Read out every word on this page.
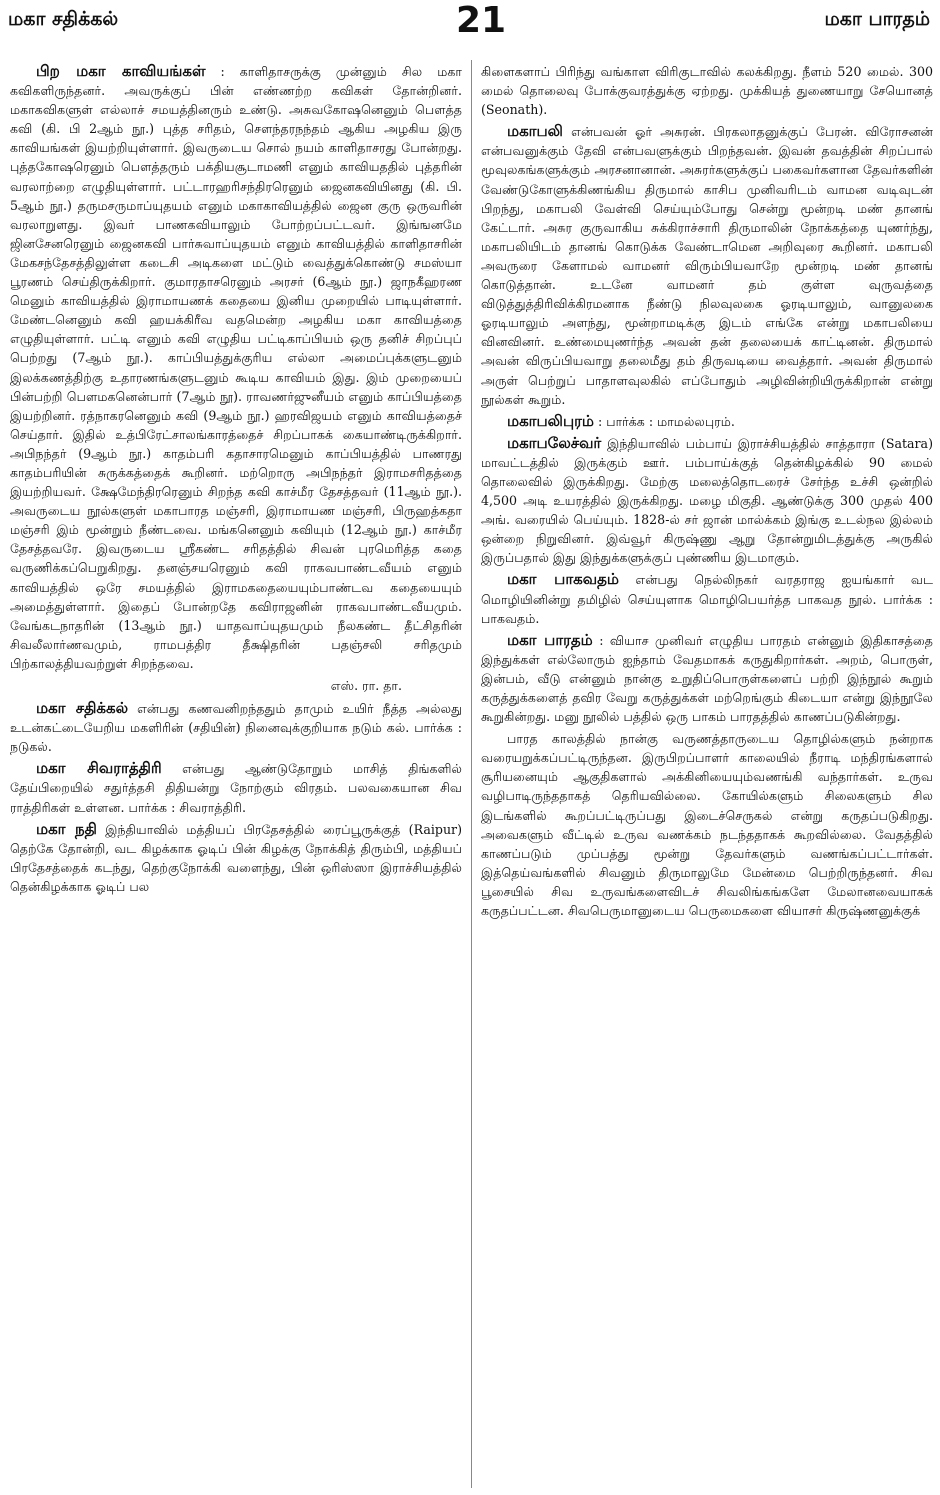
மகா சதிக்கல்	21	மகா பாரதம்

பிற மகா காவியங்கள் : காளிதாசருக்கு முன்னும் சில மகா கவிகளிருந்தனர். அவருக்குப் பின் எண்ணற்ற கவிகள் தோன்றினர். மகாகவிகளுள் எல்லாச் சமயத்தினரும் உண்டு. அசுவகோஷனெனும் பௌத்த கவி (கி. பி 2ஆம் நூ.) புத்த சரிதம், சௌந்தரநந்தம் ஆகிய அழகிய இரு காவியங்கள் இயற்றியுள்ளார். இவருடைய சொல் நயம் காளிதாசரது போன்றது. புத்தகோஷரெனும் பௌத்தரும் பக்தியசூடாமணி எனும் காவியததில் புத்தரின் வரலாற்றை எழுதியுள்ளார். பட்டாரஹரிசந்திரரெனும் ஜைனகவியினது (கி. பி. 5ஆம் நூ.) தருமசருமாப்யுதயம் எனும் மகாகாவியத்தில் ஜைன குரு ஒருவரின் வரலாறுளது. இவர் பாணகவியாலும் போற்றப்பட்டவர். இங்ஙனமே ஜினசேனரெனும் ஜைனகவி பார்சுவாப்யுதயம் எனும் காவியத்தில் காளிதாசரின் மேகசந்தேசத்திலுள்ள கடைசி அடிகளை மட்டும் வைத்துக்கொண்டு சமஸ்யா பூரணம் செய்திருக்கிறார். குமாரதாசரெனும் அரசர் (6ஆம் நூ.) ஜாநகீஹரண மெனும் காவியத்தில் இராமாயணக் கதையை இனிய முறையில் பாடியுள்ளார். மேண்டனெனும் கவி ஹயக்கிரீவ வதமென்ற அழகிய மகா காவியத்தை எழுதியுள்ளார். பட்டி எனும் கவி எழுதிய பட்டிகாப்பியம் ஒரு தனிச் சிறப்புப் பெற்றது (7ஆம் நூ.). காப்பியத்துக்குரிய எல்லா அமைப்புக்களுடனும் இலக்கணத்திற்கு உதாரணங்களுடனும் கூடிய காவியம் இது. இம் முறையைப் பின்பற்றி பௌமகனென்பார் (7ஆம் நூ). ராவணர்ஜுனீயம் எனும் காப்பியத்தை இயற்றினர். ரத்நாகரனெனும் கவி (9ஆம் நூ.) ஹரவிஜயம் எனும் காவியத்தைச் செய்தார். இதில் உத்பிரேட்சாலங்காரத்தைச் சிறப்பாகக் கையாண்டிருக்கிறார். அபிநந்தர் (9ஆம் நூ.) காதம்பரி கதாசாரமெனும் காப்பியத்தில் பாணரது காதம்பரியின் சுருக்கத்தைக் கூறினர். மற்றொரு அபிநந்தர் இராமசரிதத்தை இயற்றியவர். க்ஷேமேந்திரரெனும் சிறந்த கவி காச்மீர தேசத்தவர் (11ஆம் நூ.). அவருடைய நூல்களுள் மகாபாரத மஞ்சரி, இராமாயண மஞ்சரி, பிருஹத்கதா மஞ்சரி இம் மூன்றும் நீண்டவை. மங்கனெனும் கவியும் (12ஆம் நூ.) காச்மீர தேசத்தவரே. இவருடைய ஸ்ரீகண்ட சரிதத்தில் சிவன் புரமெரித்த கதை வருணிக்கப்பெறுகிறது. தனஞ்சயரெனும் கவி ராகவபாண்டவீயம் எனும் காவியத்தில் ஒரே சமயத்தில் இராமகதையையும்பாண்டவ கதையையும் அமைத்துள்ளார். இதைப் போன்றதே கவிராஜனின் ராகவபாண்டவீயமும். வேங்கடநாதரின் (13ஆம் நூ.) யாதவாப்யுதயமும் நீலகண்ட தீட்சிதரின் சிவலீலார்ணவமும், ராமபத்திர தீக்ஷிதரின் பதஞ்சலி சரிதமும் பிற்காலத்தியவற்றுள் சிறந்தவை.

எஸ். ரா. தா.

மகா சதிக்கல் என்பது கணவனிறந்ததும் தாமும் உயிர் நீத்த அல்லது உடன்கட்டையேறிய மகளிரின் (சதியின்) நினைவுக்குறியாக நடும் கல். பார்க்க : நடுகல்.

மகா சிவராத்திரி என்பது ஆண்டுதோறும் மாசித் திங்களில் தேய்பிறையில் சதுர்த்தசி திதியன்று நோற்கும் விரதம். பலவகையான சிவ ராத்திரிகள் உள்ளன. பார்க்க : சிவராத்திரி.

மகா நதி இந்தியாவில் மத்தியப் பிரதேசத்தில் ரைப்பூருக்குத் (Raipur) தெற்கே தோன்றி, வட கிழக்காக ஓடிப் பின் கிழக்கு நோக்கித் திரும்பி, மத்தியப் பிரதேசத்தைக் கடந்து, தெற்குநோக்கி வளைந்து, பின் ஒரிஸ்ஸா இராச்சியத்தில் தென்கிழக்காக ஓடிப் பல

கிளைகளாப் பிரிந்து வங்காள விரிகுடாவில் கலக்கிறது. நீளம் 520 மைல். 300 மைல் தொலைவு போக்குவரத்துக்கு ஏற்றது. முக்கியத் துணையாறு சேயொனத் (Seonath).

மகாபலி என்பவன் ஓர் அசுரன். பிரகலாதனுக்குப் பேரன். விரோசனன் என்பவனுக்கும் தேவி என்பவளுக்கும் பிறந்தவன். இவன் தவத்தின் சிறப்பால் மூவுலகங்களுக்கும் அரசனானான். அசுரர்களுக்குப் பகைவர்களான தேவர்களின் வேண்டுகோளுக்கிணங்கிய திருமால் காசிப முனிவரிடம் வாமன வடிவுடன் பிறந்து, மகாபலி வேள்வி செய்யும்போது சென்று மூன்றடி மண் தானங் கேட்டார். அசுர குருவாகிய சுக்கிராச்சாரி திருமாலின் நோக்கத்தை யுணர்ந்து, மகாபலியிடம் தானங் கொடுக்க வேண்டாமென அறிவுரை கூறினர். மகாபலி அவருரை கேளாமல் வாமனர் விரும்பியவாறே மூன்றடி மண் தானங் கொடுத்தான். உடனே வாமனர் தம் குள்ள வுருவத்தை விடுத்துத்திரிவிக்கிரமனாக நீண்டு நிலவுலகை ஓரடியாலும், வானுலகை ஓரடியாலும் அளந்து, மூன்றாமடிக்கு இடம் எங்கே என்று மகாபலியை வினவினர். உண்மையுணர்ந்த அவன் தன் தலையைக் காட்டினன். திருமால் அவன் விருப்பியவாறு தலைமீது தம் திருவடியை வைத்தார். அவன் திருமால் அருள் பெற்றுப் பாதாளவுலகில் எப்போதும் அழிவின்றியிருக்கிறான் என்று நூல்கள் கூறும்.

மகாபலிபுரம் : பார்க்க : மாமல்லபுரம்.

மகாபலேச்வர் இந்தியாவில் பம்பாய் இராச்சியத்தில் சாத்தாரா (Satara) மாவட்டத்தில் இருக்கும் ஊர். பம்பாய்க்குத் தென்கிழக்கில் 90 மைல் தொலைவில் இருக்கிறது. மேற்கு மலைத்தொடரைச் சேர்ந்த உச்சி ஒன்றில் 4,500 அடி உயரத்தில் இருக்கிறது. மழை மிகுதி. ஆண்டுக்கு 300 முதல் 400 அங். வரையில் பெய்யும். 1828-ல் சர் ஜான் மால்க்கம் இங்கு உடல்நல இல்லம் ஒன்றை நிறுவினர். இவ்வூர் கிருஷ்ணு ஆறு தோன்றுமிடத்துக்கு அருகில் இருப்பதால் இது இந்துக்களுக்குப் புண்ணிய இடமாகும்.

மகா பாகவதம் என்பது நெல்லிநகர் வரதராஜ ஐயங்கார் வட மொழியினின்று தமிழில் செய்யுளாக மொழிபெயர்த்த பாகவத நூல். பார்க்க : பாகவதம்.

மகா பாரதம் : வியாச முனிவர் எழுதிய பாரதம் என்னும் இதிகாசத்தை இந்துக்கள் எல்லோரும் ஐந்தாம் வேதமாகக் கருதுகிறார்கள். அறம், பொருள், இன்பம், வீடு என்னும் நான்கு உறுதிப்பொருள்களைப் பற்றி இந்நூல் கூறும் கருத்துக்களைத் தவிர வேறு கருத்துக்கள் மற்றெங்கும் கிடையா என்று இந்நூலே கூறுகின்றது. மனு நூலில் பத்தில் ஒரு பாகம் பாரதத்தில் காணப்படுகின்றது.

பாரத காலத்தில் நான்கு வருணத்தாருடைய தொழில்களும் நன்றாக வரையறுக்கப்பட்டிருந்தன. இருபிறப்பாளர் காலையில் நீராடி மந்திரங்களால் சூரியனையும் ஆகுதிகளால் அக்கினியையும்வணங்கி வந்தார்கள். உருவ வழிபாடிருந்ததாகத் தெரியவில்லை. கோயில்களும் சிலைகளும் சில இடங்களில் கூறப்பட்டிருப்பது இடைச்செருகல் என்று கருதப்படுகிறது. அவைகளும் வீட்டில் உருவ வணக்கம் நடந்ததாகக் கூறவில்லை. வேதத்தில் காணப்படும் முப்பத்து மூன்று தேவர்களும் வணங்கப்பட்டார்கள். இத்தெய்வங்களில் சிவனும் திருமாலுமே மேன்மை பெற்றிருந்தனர். சிவ பூசையில் சிவ உருவங்களைவிடச் சிவலிங்கங்களே மேலானவையாகக் கருதப்பட்டன. சிவபெருமானுடைய பெருமைகளை வியாசர் கிருஷ்ணனுக்குக்
